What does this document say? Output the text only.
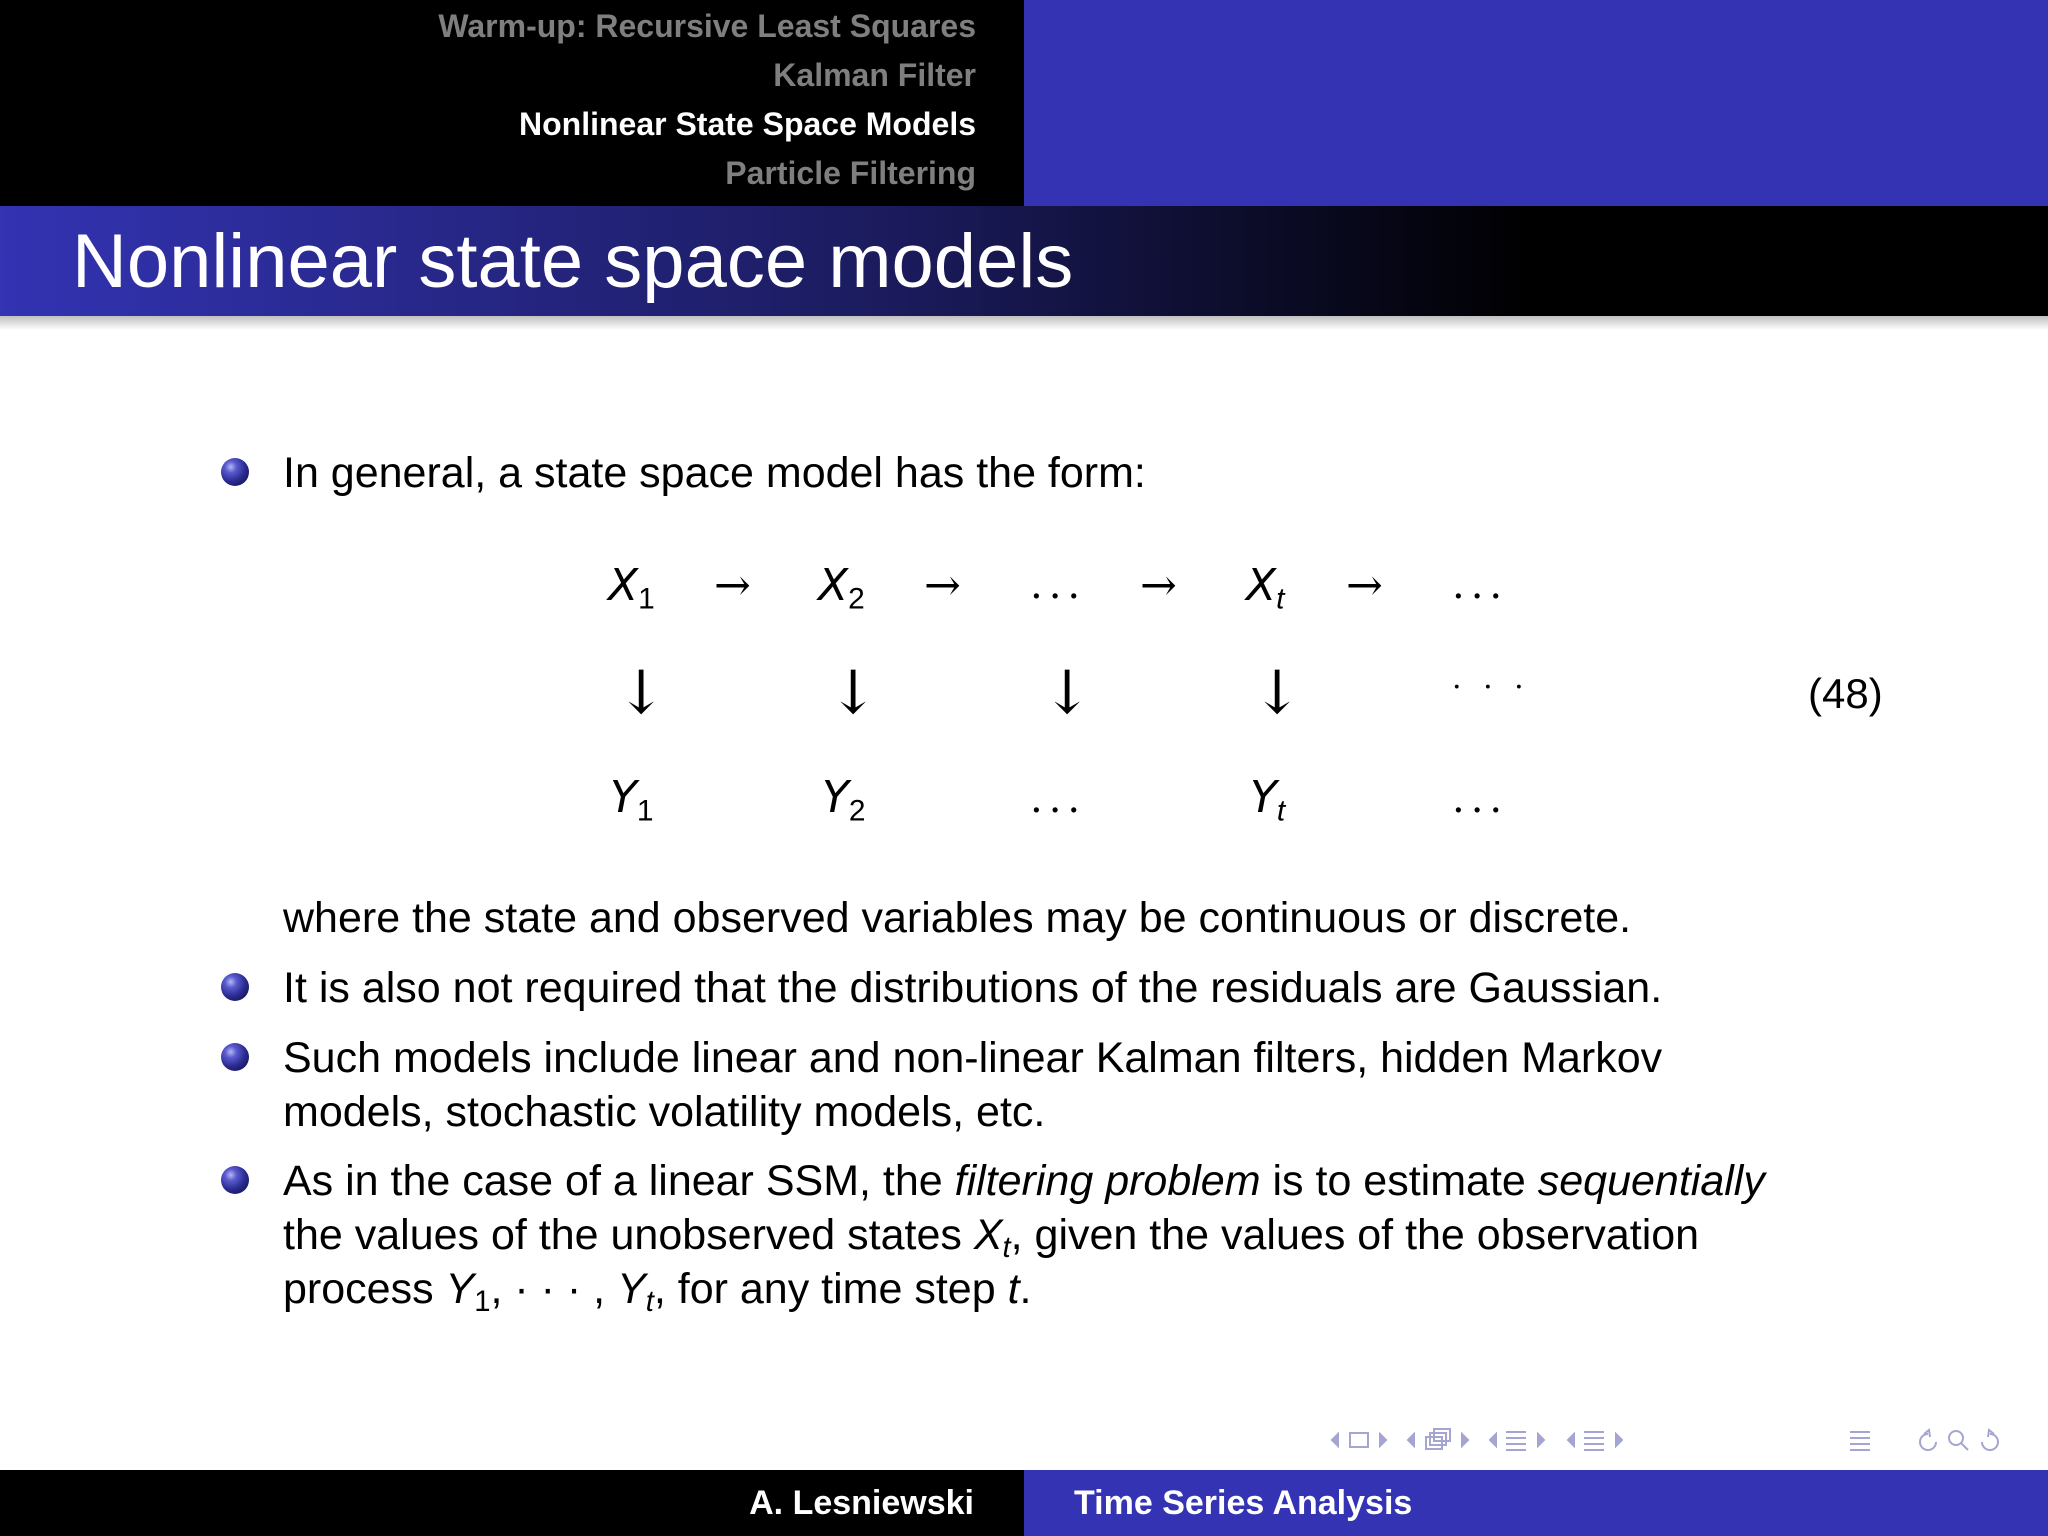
Warm-up: Recursive Least Squares
Kalman Filter
Nonlinear State Space Models
Particle Filtering
Nonlinear state space models
In general, a state space model has the form:
$X_1 \to X_2$ → ... → $X_t$ → ...
↓	↓	↓	↓	· · ·
$Y_1$	$Y_2$	...	$Y_t$	...
(48)
where the state and observed variables may be continuous or discrete.
It is also not required that the distributions of the residuals are Gaussian.
Such models include linear and non-linear Kalman filters, hidden Markov
models, stochastic volatility models, etc.
As in the case of a linear SSM, the filtering problem is to estimate sequentially
the values of the unobserved states $X_t$, given the values of the observation
process $Y_1$, · · · , $Y_t$, for any time step t.
A. Lesniewski	Time Series Analysis
